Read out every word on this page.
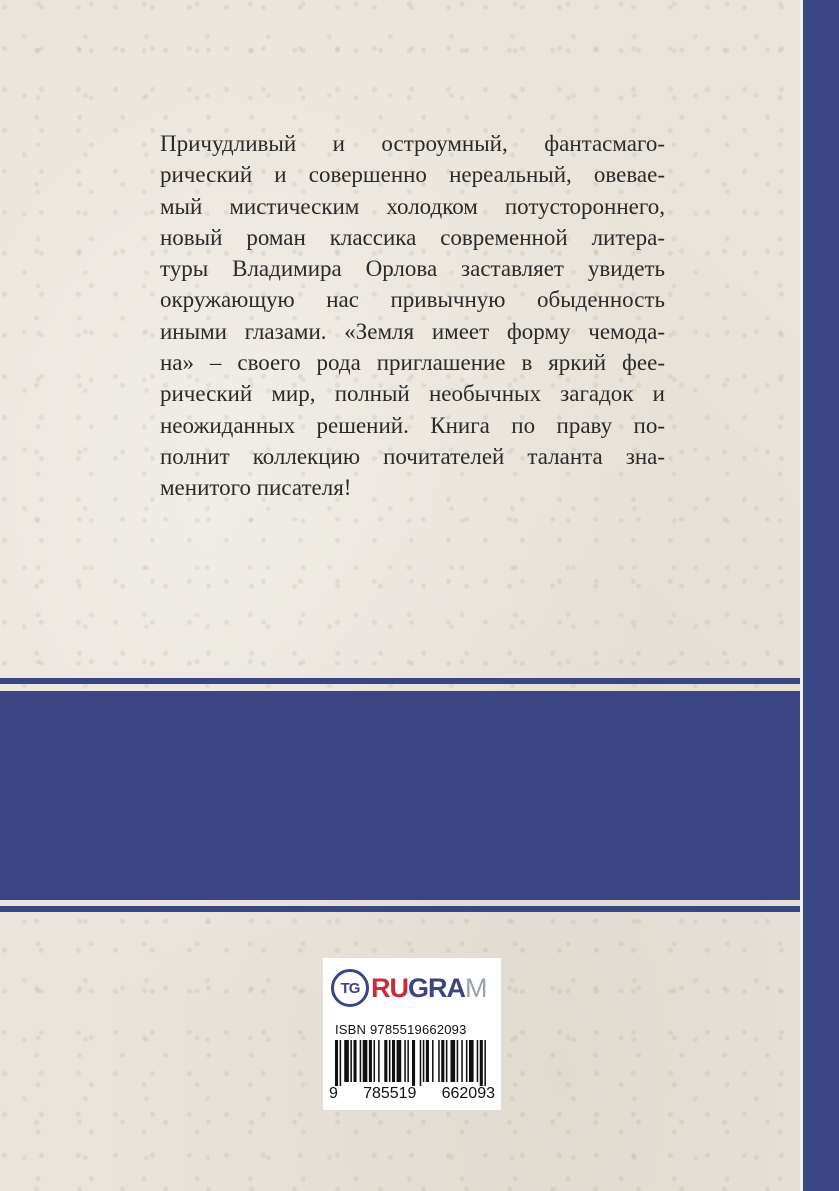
Причудливый и остроумный, фантасмаго-
рический и совершенно нереальный, овевае-
мый мистическим холодком потустороннего,
новый роман классика современной литера-
туры Владимира Орлова заставляет увидеть
окружающую нас привычную обыденность
иными глазами. «Земля имеет форму чемода-
на» – своего рода приглашение в яркий фее-
рический мир, полный необычных загадок и
неожиданных решений. Книга по праву по-
полнит коллекцию почитателей таланта зна-
менитого писателя!
TG RU GRA M
ISBN 9785519662093
9 785519 662093
